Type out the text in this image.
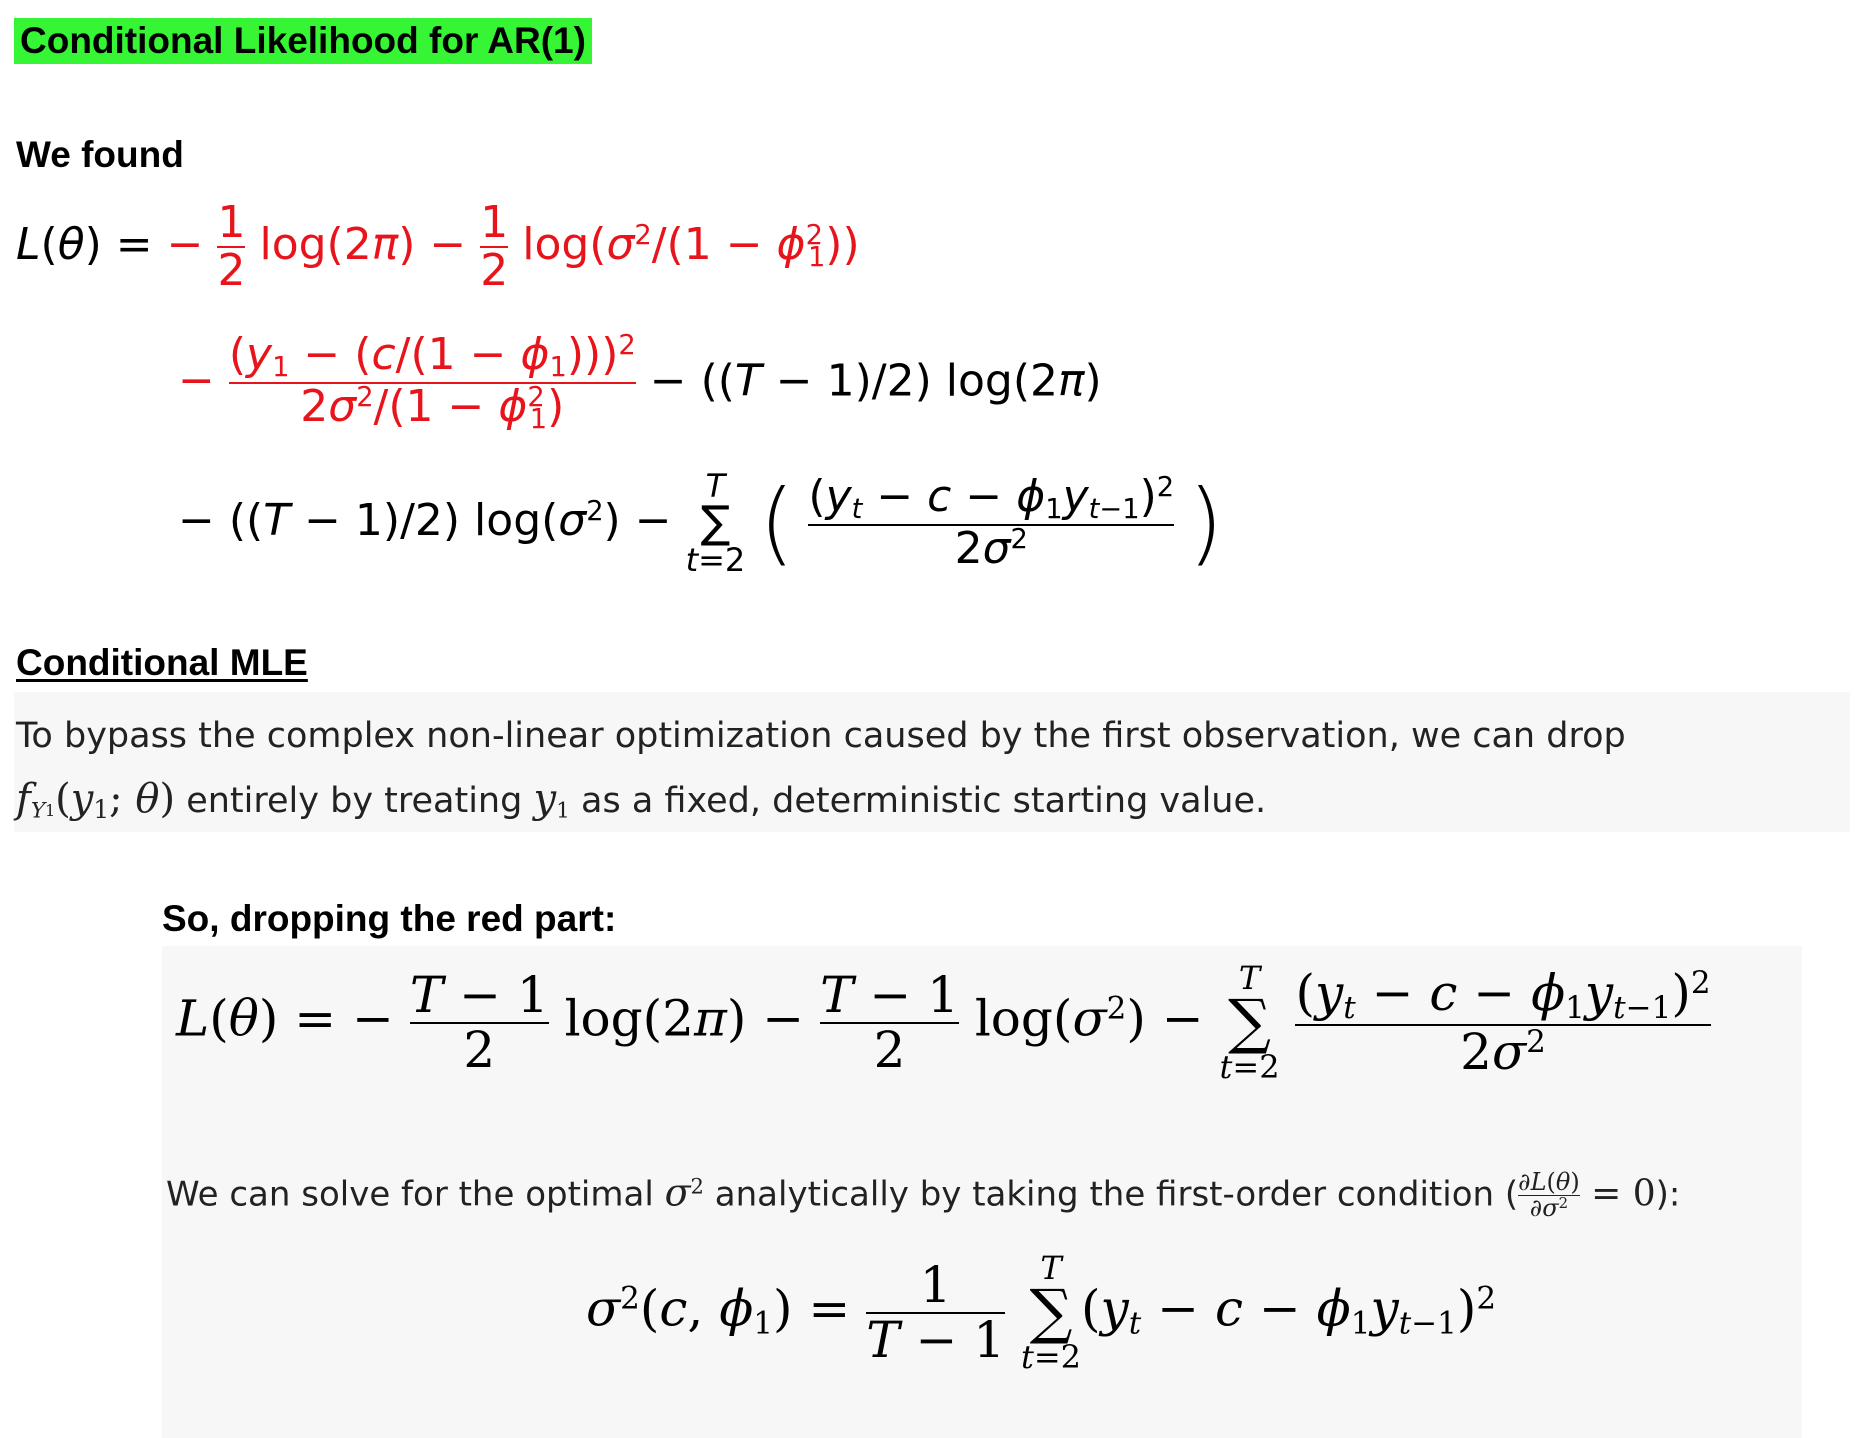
Conditional Likelihood for AR(1)
We found
L(θ) = − $\frac{1}{2} \log(2\pi) - \frac{1}{2} \log(\sigma^2/(1 - \phi^2_1))$
− $\frac{(y_1 - (c/(1 - \phi_1)))^2}{2\sigma^2/(1 - \phi^2_1)} - ((T - 1)/2)$ log(2π)
− ((T − 1)/2) $\log(\sigma^2)$ −
T
∑
t=2 ( $\frac{(y_t - c - \phi_1y_{t-1})^2}{2\sigma^2}$ )
Conditional MLE
To bypass the complex non-linear optimization caused by the first observation, we can drop
$f_{Y1}(y_1$; θ) entirely by treating $y_1$ as a fixed, deterministic starting value.
So, dropping the red part:
L(θ) = − $\frac{T - 1}{2} \log(2\pi) - \frac{T - 1}{2} \log(\sigma^2)$ −
T
∑
t=2
$\frac{(y_t - c - \phi_1y_{t-1})^2}{2\sigma^2}$
We can solve for the optimal $\sigma^2$ analytically by taking the first-order condition ( $\frac{\partial L(\theta)}{\partial\sigma^2} = 0$):
$\sigma^2(c$, $\phi_1) = \frac{1}{T - 1}$
T
∑
t=2
$(y_t - c - \phi_1y_{t-1})^2$
